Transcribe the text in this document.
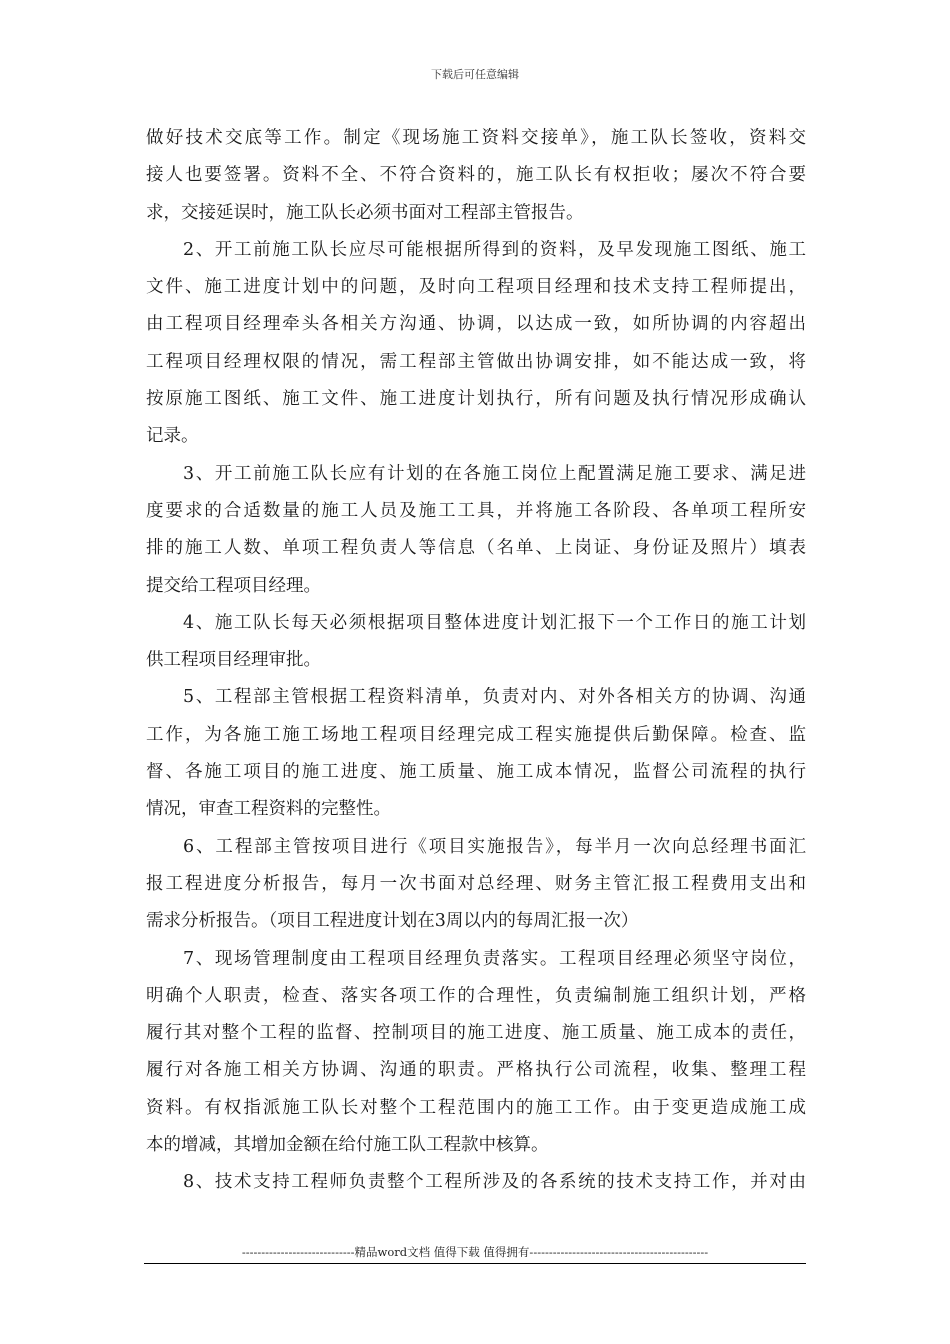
下载后可任意编辑
做好技术交底等工作。制定《现场施工资料交接单》，施工队长签收，资料交
接人也要签署。资料不全、不符合资料的，施工队长有权拒收；屡次不符合要
求，交接延误时，施工队长必须书面对工程部主管报告。
2、开工前施工队长应尽可能根据所得到的资料，及早发现施工图纸、施工
文件、施工进度计划中的问题，及时向工程项目经理和技术支持工程师提出，
由工程项目经理牵头各相关方沟通、协调，以达成一致，如所协调的内容超出
工程项目经理权限的情况，需工程部主管做出协调安排，如不能达成一致，将
按原施工图纸、施工文件、施工进度计划执行，所有问题及执行情况形成确认
记录。
3、开工前施工队长应有计划的在各施工岗位上配置满足施工要求、满足进
度要求的合适数量的施工人员及施工工具，并将施工各阶段、各单项工程所安
排的施工人数、单项工程负责人等信息（名单、上岗证、身份证及照片）填表
提交给工程项目经理。
4、施工队长每天必须根据项目整体进度计划汇报下一个工作日的施工计划
供工程项目经理审批。
5、工程部主管根据工程资料清单，负责对内、对外各相关方的协调、沟通
工作，为各施工施工场地工程项目经理完成工程实施提供后勤保障。检查、监
督、各施工项目的施工进度、施工质量、施工成本情况，监督公司流程的执行
情况，审查工程资料的完整性。
6、工程部主管按项目进行《项目实施报告》，每半月一次向总经理书面汇
报工程进度分析报告，每月一次书面对总经理、财务主管汇报工程费用支出和
需求分析报告。（项目工程进度计划在3周以内的每周汇报一次）
7、现场管理制度由工程项目经理负责落实。工程项目经理必须坚守岗位，
明确个人职责，检查、落实各项工作的合理性，负责编制施工组织计划，严格
履行其对整个工程的监督、控制项目的施工进度、施工质量、施工成本的责任，
履行对各施工相关方协调、沟通的职责。严格执行公司流程，收集、整理工程
资料。有权指派施工队长对整个工程范围内的施工工作。由于变更造成施工成
本的增减，其增加金额在给付施工队工程款中核算。
8、技术支持工程师负责整个工程所涉及的各系统的技术支持工作，并对由
-----------------------------精品word文档 值得下载 值得拥有----------------------------------------------
